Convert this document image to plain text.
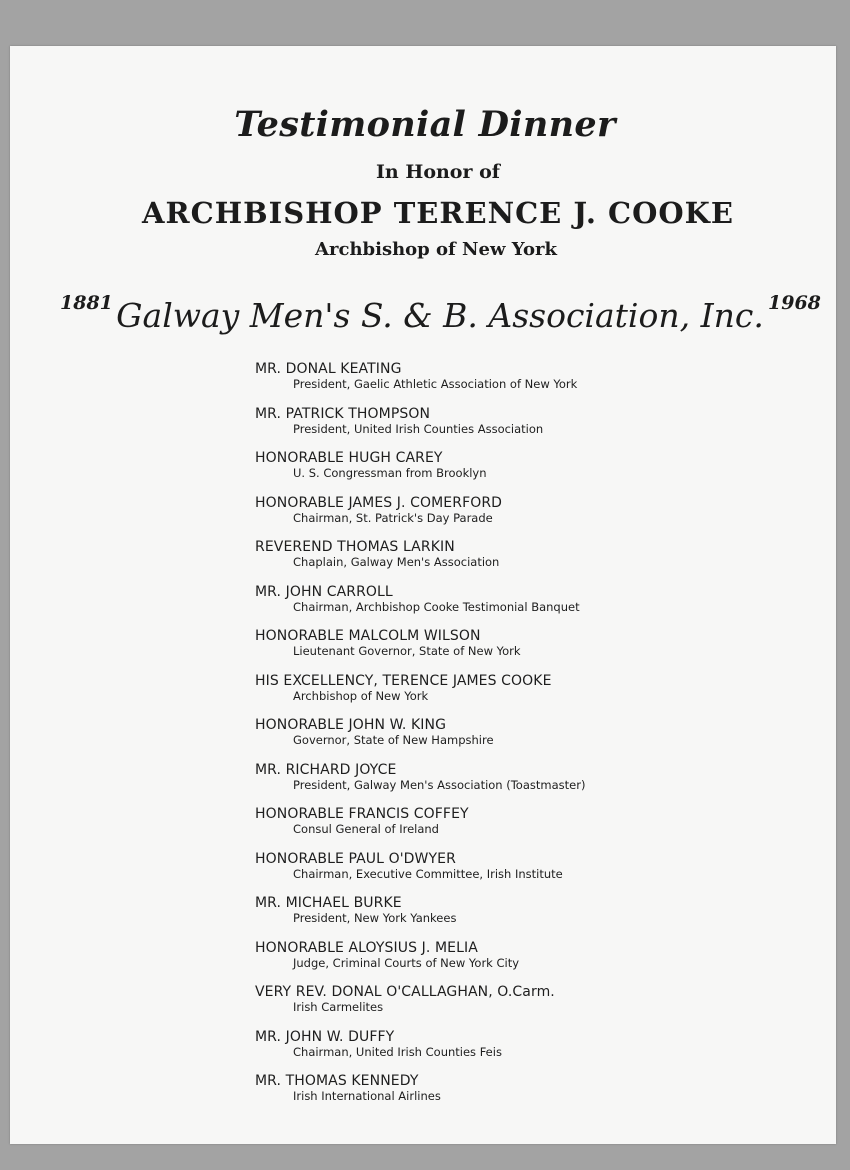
Testimonial Dinner
In Honor of
ARCHBISHOP TERENCE J. COOKE
Archbishop of New York
1881 Galway Men's S. & B. Association, Inc. 1968
MR. DONAL KEATING
President, Gaelic Athletic Association of New York
MR. PATRICK THOMPSON
President, United Irish Counties Association
HONORABLE HUGH CAREY
U. S. Congressman from Brooklyn
HONORABLE JAMES J. COMERFORD
Chairman, St. Patrick's Day Parade
REVEREND THOMAS LARKIN
Chaplain, Galway Men's Association
MR. JOHN CARROLL
Chairman, Archbishop Cooke Testimonial Banquet
HONORABLE MALCOLM WILSON
Lieutenant Governor, State of New York
HIS EXCELLENCY, TERENCE JAMES COOKE
Archbishop of New York
HONORABLE JOHN W. KING
Governor, State of New Hampshire
MR. RICHARD JOYCE
President, Galway Men's Association (Toastmaster)
HONORABLE FRANCIS COFFEY
Consul General of Ireland
HONORABLE PAUL O'DWYER
Chairman, Executive Committee, Irish Institute
MR. MICHAEL BURKE
President, New York Yankees
HONORABLE ALOYSIUS J. MELIA
Judge, Criminal Courts of New York City
VERY REV. DONAL O'CALLAGHAN, O.Carm.
Irish Carmelites
MR. JOHN W. DUFFY
Chairman, United Irish Counties Feis
MR. THOMAS KENNEDY
Irish International Airlines
